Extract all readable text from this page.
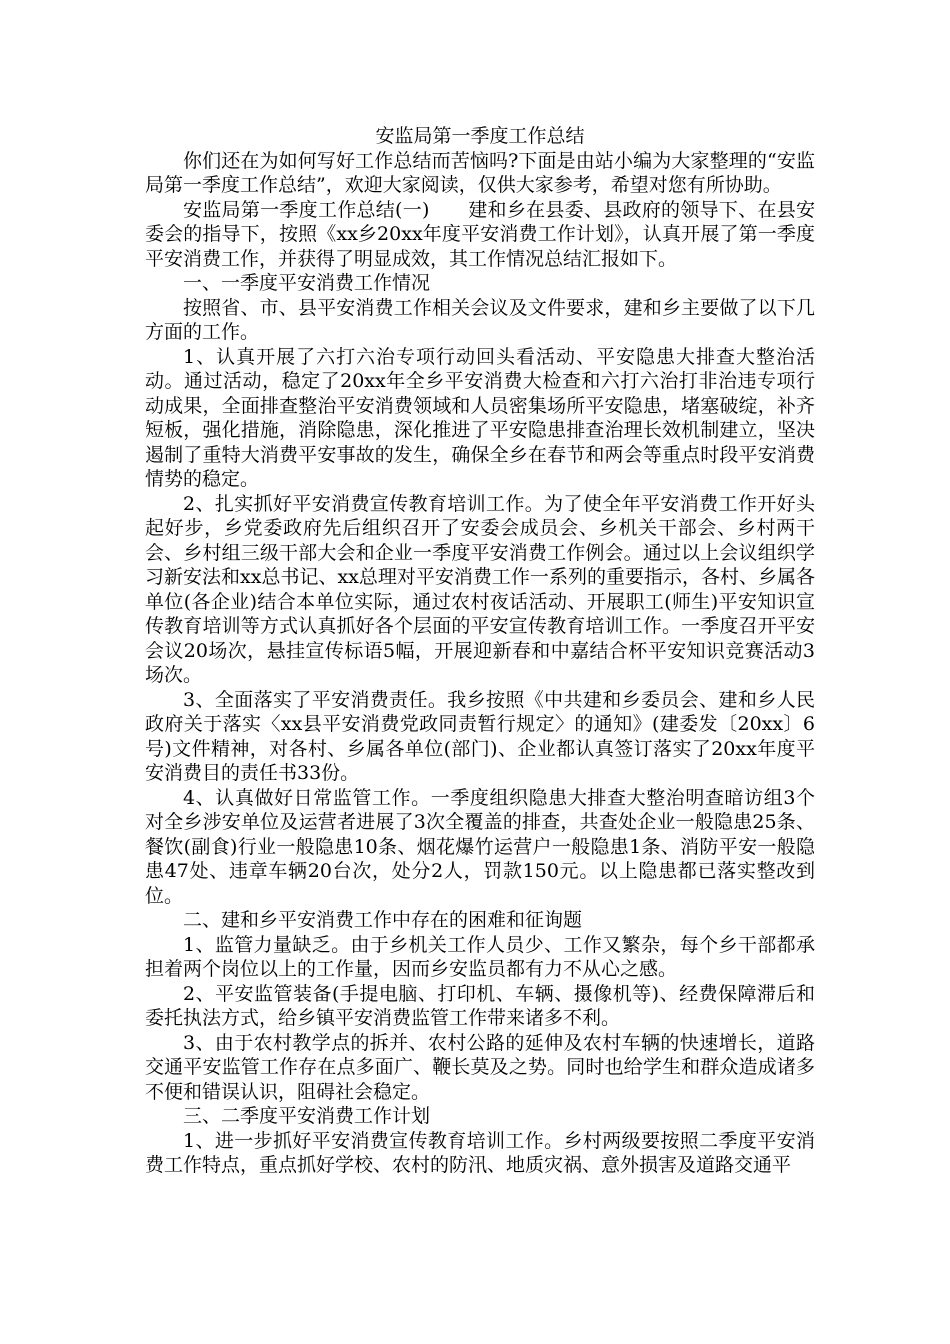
安监局第一季度工作总结

你们还在为如何写好工作总结而苦恼吗?下面是由站小编为大家整理的“安监局第一季度工作总结”，欢迎大家阅读，仅供大家参考，希望对您有所协助。

安监局第一季度工作总结(一)　　建和乡在县委、县政府的领导下、在县安委会的指导下，按照《xx乡20xx年度平安消费工作计划》，认真开展了第一季度平安消费工作，并获得了明显成效，其工作情况总结汇报如下。

一、一季度平安消费工作情况

按照省、市、县平安消费工作相关会议及文件要求，建和乡主要做了以下几方面的工作。

1、认真开展了六打六治专项行动回头看活动、平安隐患大排查大整治活动。通过活动，稳定了20xx年全乡平安消费大检查和六打六治打非治违专项行动成果，全面排查整治平安消费领域和人员密集场所平安隐患，堵塞破绽，补齐短板，强化措施，消除隐患，深化推进了平安隐患排查治理长效机制建立，坚决遏制了重特大消费平安事故的发生，确保全乡在春节和两会等重点时段平安消费情势的稳定。

2、扎实抓好平安消费宣传教育培训工作。为了使全年平安消费工作开好头起好步，乡党委政府先后组织召开了安委会成员会、乡机关干部会、乡村两干会、乡村组三级干部大会和企业一季度平安消费工作例会。通过以上会议组织学习新安法和xx总书记、xx总理对平安消费工作一系列的重要指示，各村、乡属各单位(各企业)结合本单位实际，通过农村夜话活动、开展职工(师生)平安知识宣传教育培训等方式认真抓好各个层面的平安宣传教育培训工作。一季度召开平安会议20场次，悬挂宣传标语5幅，开展迎新春和中嘉结合杯平安知识竞赛活动3场次。

3、全面落实了平安消费责任。我乡按照《中共建和乡委员会、建和乡人民政府关于落实〈xx县平安消费党政同责暂行规定〉的通知》(建委发〔20xx〕6号)文件精神，对各村、乡属各单位(部门)、企业都认真签订落实了20xx年度平安消费目的责任书33份。

4、认真做好日常监管工作。一季度组织隐患大排查大整治明查暗访组3个对全乡涉安单位及运营者进展了3次全覆盖的排查，共查处企业一般隐患25条、餐饮(副食)行业一般隐患10条、烟花爆竹运营户一般隐患1条、消防平安一般隐患47处、违章车辆20台次，处分2人，罚款150元。以上隐患都已落实整改到位。

二、建和乡平安消费工作中存在的困难和征询题

1、监管力量缺乏。由于乡机关工作人员少、工作又繁杂，每个乡干部都承担着两个岗位以上的工作量，因而乡安监员都有力不从心之感。

2、平安监管装备(手提电脑、打印机、车辆、摄像机等)、经费保障滞后和委托执法方式，给乡镇平安消费监管工作带来诸多不利。

3、由于农村教学点的拆并、农村公路的延伸及农村车辆的快速增长，道路交通平安监管工作存在点多面广、鞭长莫及之势。同时也给学生和群众造成诸多不便和错误认识，阻碍社会稳定。

三、二季度平安消费工作计划

1、进一步抓好平安消费宣传教育培训工作。乡村两级要按照二季度平安消费工作特点，重点抓好学校、农村的防汛、地质灾祸、意外损害及道路交通平
